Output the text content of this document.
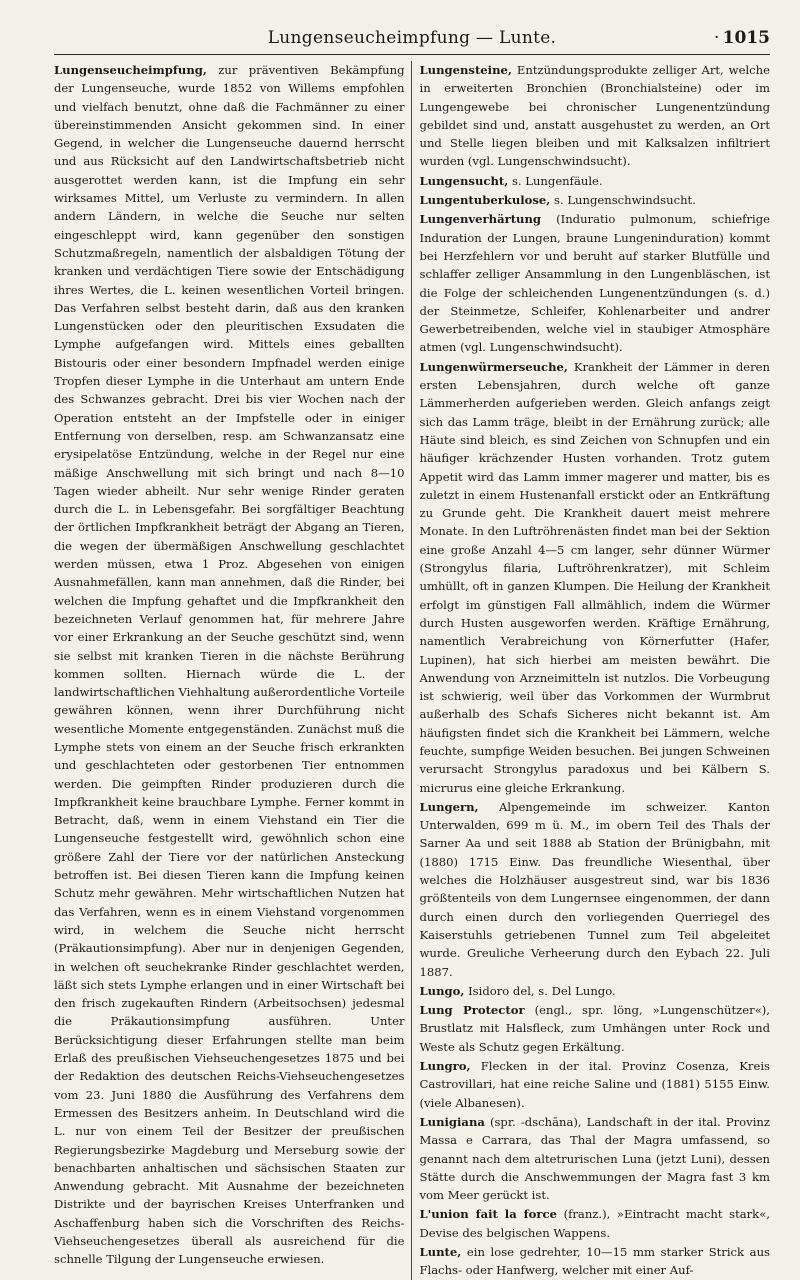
Lungenseucheimpfung — Lunte.	· 1015

Lungenseucheimpfung, zur präventiven Bekämpfung der Lungenseuche, wurde 1852 von Willems empfohlen und vielfach benutzt, ohne daß die Fachmänner zu einer übereinstimmenden Ansicht gekommen sind. In einer Gegend, in welcher die Lungenseuche dauernd herrscht und aus Rücksicht auf den Landwirtschaftsbetrieb nicht ausgerottet werden kann, ist die Impfung ein sehr wirksames Mittel, um Verluste zu vermindern. In allen andern Ländern, in welche die Seuche nur selten eingeschleppt wird, kann gegenüber den sonstigen Schutzmaßregeln, namentlich der alsbaldigen Tötung der kranken und verdächtigen Tiere sowie der Entschädigung ihres Wertes, die L. keinen wesentlichen Vorteil bringen. Das Verfahren selbst besteht darin, daß aus den kranken Lungenstücken oder den pleuritischen Exsudaten die Lymphe aufgefangen wird. Mittels eines geballten Bistouris oder einer besondern Impfnadel werden einige Tropfen dieser Lymphe in die Unterhaut am untern Ende des Schwanzes gebracht. Drei bis vier Wochen nach der Operation entsteht an der Impfstelle oder in einiger Entfernung von derselben, resp. am Schwanzansatz eine erysipelatöse Entzündung, welche in der Regel nur eine mäßige Anschwellung mit sich bringt und nach 8—10 Tagen wieder abheilt. Nur sehr wenige Rinder geraten durch die L. in Lebensgefahr. Bei sorgfältiger Beachtung der örtlichen Impfkrankheit beträgt der Abgang an Tieren, die wegen der übermäßigen Anschwellung geschlachtet werden müssen, etwa 1 Proz. Abgesehen von einigen Ausnahmefällen, kann man annehmen, daß die Rinder, bei welchen die Impfung gehaftet und die Impfkrankheit den bezeichneten Verlauf genommen hat, für mehrere Jahre vor einer Erkrankung an der Seuche geschützt sind, wenn sie selbst mit kranken Tieren in die nächste Berührung kommen sollten. Hiernach würde die L. der landwirtschaftlichen Viehhaltung außerordentliche Vorteile gewähren können, wenn ihrer Durchführung nicht wesentliche Momente entgegenständen. Zunächst muß die Lymphe stets von einem an der Seuche frisch erkrankten und geschlachteten oder gestorbenen Tier entnommen werden. Die geimpften Rinder produzieren durch die Impfkrankheit keine brauchbare Lymphe. Ferner kommt in Betracht, daß, wenn in einem Viehstand ein Tier die Lungenseuche festgestellt wird, gewöhnlich schon eine größere Zahl der Tiere vor der natürlichen Ansteckung betroffen ist. Bei diesen Tieren kann die Impfung keinen Schutz mehr gewähren. Mehr wirtschaftlichen Nutzen hat das Verfahren, wenn es in einem Viehstand vorgenommen wird, in welchem die Seuche nicht herrscht (Präkautionsimpfung). Aber nur in denjenigen Gegenden, in welchen oft seuchekranke Rinder geschlachtet werden, läßt sich stets Lymphe erlangen und in einer Wirtschaft bei den frisch zugekauften Rindern (Arbeitsochsen) jedesmal die Präkautionsimpfung ausführen. Unter Berücksichtigung dieser Erfahrungen stellte man beim Erlaß des preußischen Viehseuchengesetzes 1875 und bei der Redaktion des deutschen Reichs-Viehseuchengesetzes vom 23. Juni 1880 die Ausführung des Verfahrens dem Ermessen des Besitzers anheim. In Deutschland wird die L. nur von einem Teil der Besitzer der preußischen Regierungsbezirke Magdeburg und Merseburg sowie der benachbarten anhaltischen und sächsischen Staaten zur Anwendung gebracht. Mit Ausnahme der bezeichneten Distrikte und der bayrischen Kreises Unterfranken und Aschaffenburg haben sich die Vorschriften des Reichs-Viehseuchengesetzes überall als ausreichend für die schnelle Tilgung der Lungenseuche erwiesen.

Lungensteine, Entzündungsprodukte zelliger Art, welche in erweiterten Bronchien (Bronchialsteine) oder im Lungengewebe bei chronischer Lungenentzündung gebildet sind und, anstatt ausgehustet zu werden, an Ort und Stelle liegen bleiben und mit Kalksalzen infiltriert wurden (vgl. Lungenschwindsucht).

Lungensucht, s. Lungenfäule.

Lungentuberkulose, s. Lungenschwindsucht.

Lungenverhärtung (Induratio pulmonum, schiefrige Induration der Lungen, braune Lungeninduration) kommt bei Herzfehlern vor und beruht auf starker Blutfülle und schlaffer zelliger Ansammlung in den Lungenbläschen, ist die Folge der schleichenden Lungenentzündungen (s. d.) der Steinmetze, Schleifer, Kohlenarbeiter und andrer Gewerbetreibenden, welche viel in staubiger Atmosphäre atmen (vgl. Lungenschwindsucht).

Lungenwürmerseuche, Krankheit der Lämmer in deren ersten Lebensjahren, durch welche oft ganze Lämmerherden aufgerieben werden. Gleich anfangs zeigt sich das Lamm träge, bleibt in der Ernährung zurück; alle Häute sind bleich, es sind Zeichen von Schnupfen und ein häufiger krächzender Husten vorhanden. Trotz gutem Appetit wird das Lamm immer magerer und matter, bis es zuletzt in einem Hustenanfall erstickt oder an Entkräftung zu Grunde geht. Die Krankheit dauert meist mehrere Monate. In den Luftröhrenästen findet man bei der Sektion eine große Anzahl 4—5 cm langer, sehr dünner Würmer (Strongylus filaria, Luftröhrenkratzer), mit Schleim umhüllt, oft in ganzen Klumpen. Die Heilung der Krankheit erfolgt im günstigen Fall allmählich, indem die Würmer durch Husten ausgeworfen werden. Kräftige Ernährung, namentlich Verabreichung von Körnerfutter (Hafer, Lupinen), hat sich hierbei am meisten bewährt. Die Anwendung von Arzneimitteln ist nutzlos. Die Vorbeugung ist schwierig, weil über das Vorkommen der Wurmbrut außerhalb des Schafs Sicheres nicht bekannt ist. Am häufigsten findet sich die Krankheit bei Lämmern, welche feuchte, sumpfige Weiden besuchen. Bei jungen Schweinen verursacht Strongylus paradoxus und bei Kälbern S. micrurus eine gleiche Erkrankung.

Lungern, Alpengemeinde im schweizer. Kanton Unterwalden, 699 m ü. M., im obern Teil des Thals der Sarner Aa und seit 1888 ab Station der Brünigbahn, mit (1880) 1715 Einw. Das freundliche Wiesenthal, über welches die Holzhäuser ausgestreut sind, war bis 1836 größtenteils von dem Lungernsee eingenommen, der dann durch einen durch den vorliegenden Querriegel des Kaiserstuhls getriebenen Tunnel zum Teil abgeleitet wurde. Greuliche Verheerung durch den Eybach 22. Juli 1887.

Lungo, Isidoro del, s. Del Lungo.

Lung Protector (engl., spr. löng, »Lungenschützer«), Brustlatz mit Halsfleck, zum Umhängen unter Rock und Weste als Schutz gegen Erkältung.

Lungro, Flecken in der ital. Provinz Cosenza, Kreis Castrovillari, hat eine reiche Saline und (1881) 5155 Einw. (viele Albanesen).

Lunigiana (spr. -dschāna), Landschaft in der ital. Provinz Massa e Carrara, das Thal der Magra umfassend, so genannt nach dem altetrurischen Luna (jetzt Luni), dessen Stätte durch die Anschwemmungen der Magra fast 3 km vom Meer gerückt ist.

L'union fait la force (franz.), »Eintracht macht stark«, Devise des belgischen Wappens.

Lunte, ein lose gedrehter, 10—15 mm starker Strick aus Flachs- oder Hanfwerg, welcher mit einer Auf-
